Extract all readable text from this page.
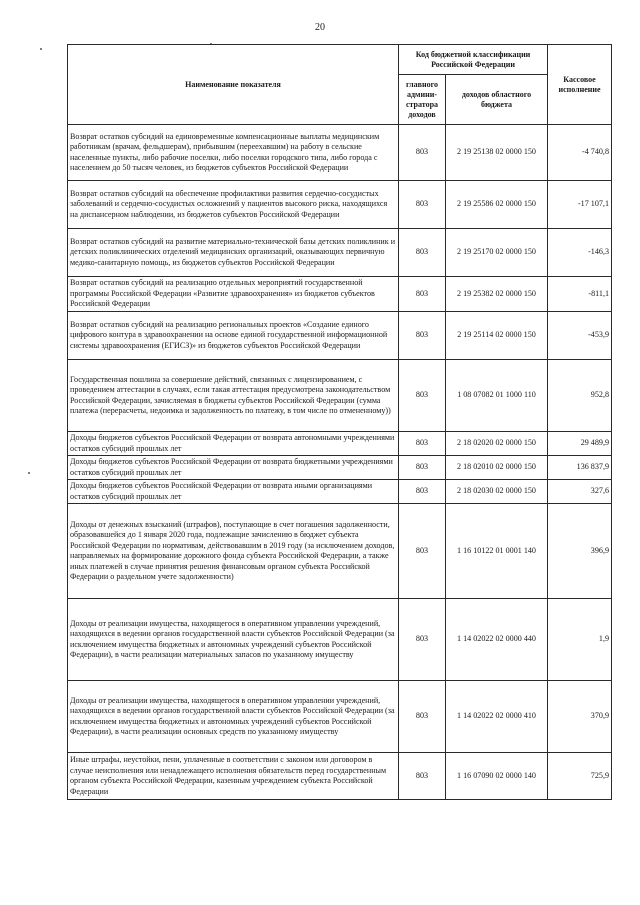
20
Наименование показателя	Код бюджетной классификации Российской Федерации		Кассовое исполнение
	главного админи-стратора доходов	доходов областного бюджета	
Возврат остатков субсидий на единовременные компенсационные выплаты медицинским работникам (врачам, фельдшерам), прибывшим (переехавшим) на работу в сельские населенные пункты, либо рабочие поселки, либо поселки городского типа, либо города с населением до 50 тысяч человек, из бюджетов субъектов Российской Федерации	803	2 19 25138 02 0000 150	-4 740,8
Возврат остатков субсидий на обеспечение профилактики развития сердечно-сосудистых заболеваний и сердечно-сосудистых осложнений у пациентов высокого риска, находящихся на диспансерном наблюдении, из бюджетов субъектов Российской Федерации	803	2 19 25586 02 0000 150	-17 107,1
Возврат остатков субсидий на развитие материально-технической базы детских поликлиник и детских поликлинических отделений медицинских организаций, оказывающих первичную медико-санитарную помощь, из бюджетов субъектов Российской Федерации	803	2 19 25170 02 0000 150	-146,3
Возврат остатков субсидий на реализацию отдельных мероприятий государственной программы Российской Федерации «Развитие здравоохранения» из бюджетов субъектов Российской Федерации	803	2 19 25382 02 0000 150	-811,1
Возврат остатков субсидий на реализацию региональных проектов «Создание единого цифрового контура в здравоохранении на основе единой государственной информационной системы здравоохранения (ЕГИСЗ)» из бюджетов субъектов Российской Федерации	803	2 19 25114 02 0000 150	-453,9
Государственная пошлина за совершение действий, связанных с лицензированием, с проведением аттестации в случаях, если такая аттестация предусмотрена законодательством Российской Федерации, зачисляемая в бюджеты субъектов Российской Федерации (сумма платежа (перерасчеты, недоимка и задолженность по платежу, в том числе по отмененному))	803	1 08 07082 01 1000 110	952,8
Доходы бюджетов субъектов Российской Федерации от возврата автономными учреждениями остатков субсидий прошлых лет	803	2 18 02020 02 0000 150	29 489,9
Доходы бюджетов субъектов Российской Федерации от возврата бюджетными учреждениями остатков субсидий прошлых лет	803	2 18 02010 02 0000 150	136 837,9
Доходы бюджетов субъектов Российской Федерации от возврата иными организациями остатков субсидий прошлых лет	803	2 18 02030 02 0000 150	327,6
Доходы от денежных взысканий (штрафов), поступающие в счет погашения задолженности, образовавшейся до 1 января 2020 года, подлежащие зачислению в бюджет субъекта Российской Федерации по нормативам, действовавшим в 2019 году (за исключением доходов, направляемых на формирование дорожного фонда субъекта Российской Федерации, а также иных платежей в случае принятия решения финансовым органом субъекта Российской Федерации о раздельном учете задолженности)	803	1 16 10122 01 0001 140	396,9
Доходы от реализации имущества, находящегося в оперативном управлении учреждений, находящихся в ведении органов государственной власти субъектов Российской Федерации (за исключением имущества бюджетных и автономных учреждений субъектов Российской Федерации), в части реализации материальных запасов по указанному имуществу	803	1 14 02022 02 0000 440	1,9
Доходы от реализации имущества, находящегося в оперативном управлении учреждений, находящихся в ведении органов государственной власти субъектов Российской Федерации (за исключением имущества бюджетных и автономных учреждений субъектов Российской Федерации), в части реализации основных средств по указанному имуществу	803	1 14 02022 02 0000 410	370,9
Иные штрафы, неустойки, пени, уплаченные в соответствии с законом или договором в случае неисполнения или ненадлежащего исполнения обязательств перед государственным органом субъекта Российской Федерации, казенным учреждением субъекта Российской Федерации	803	1 16 07090 02 0000 140	725,9
